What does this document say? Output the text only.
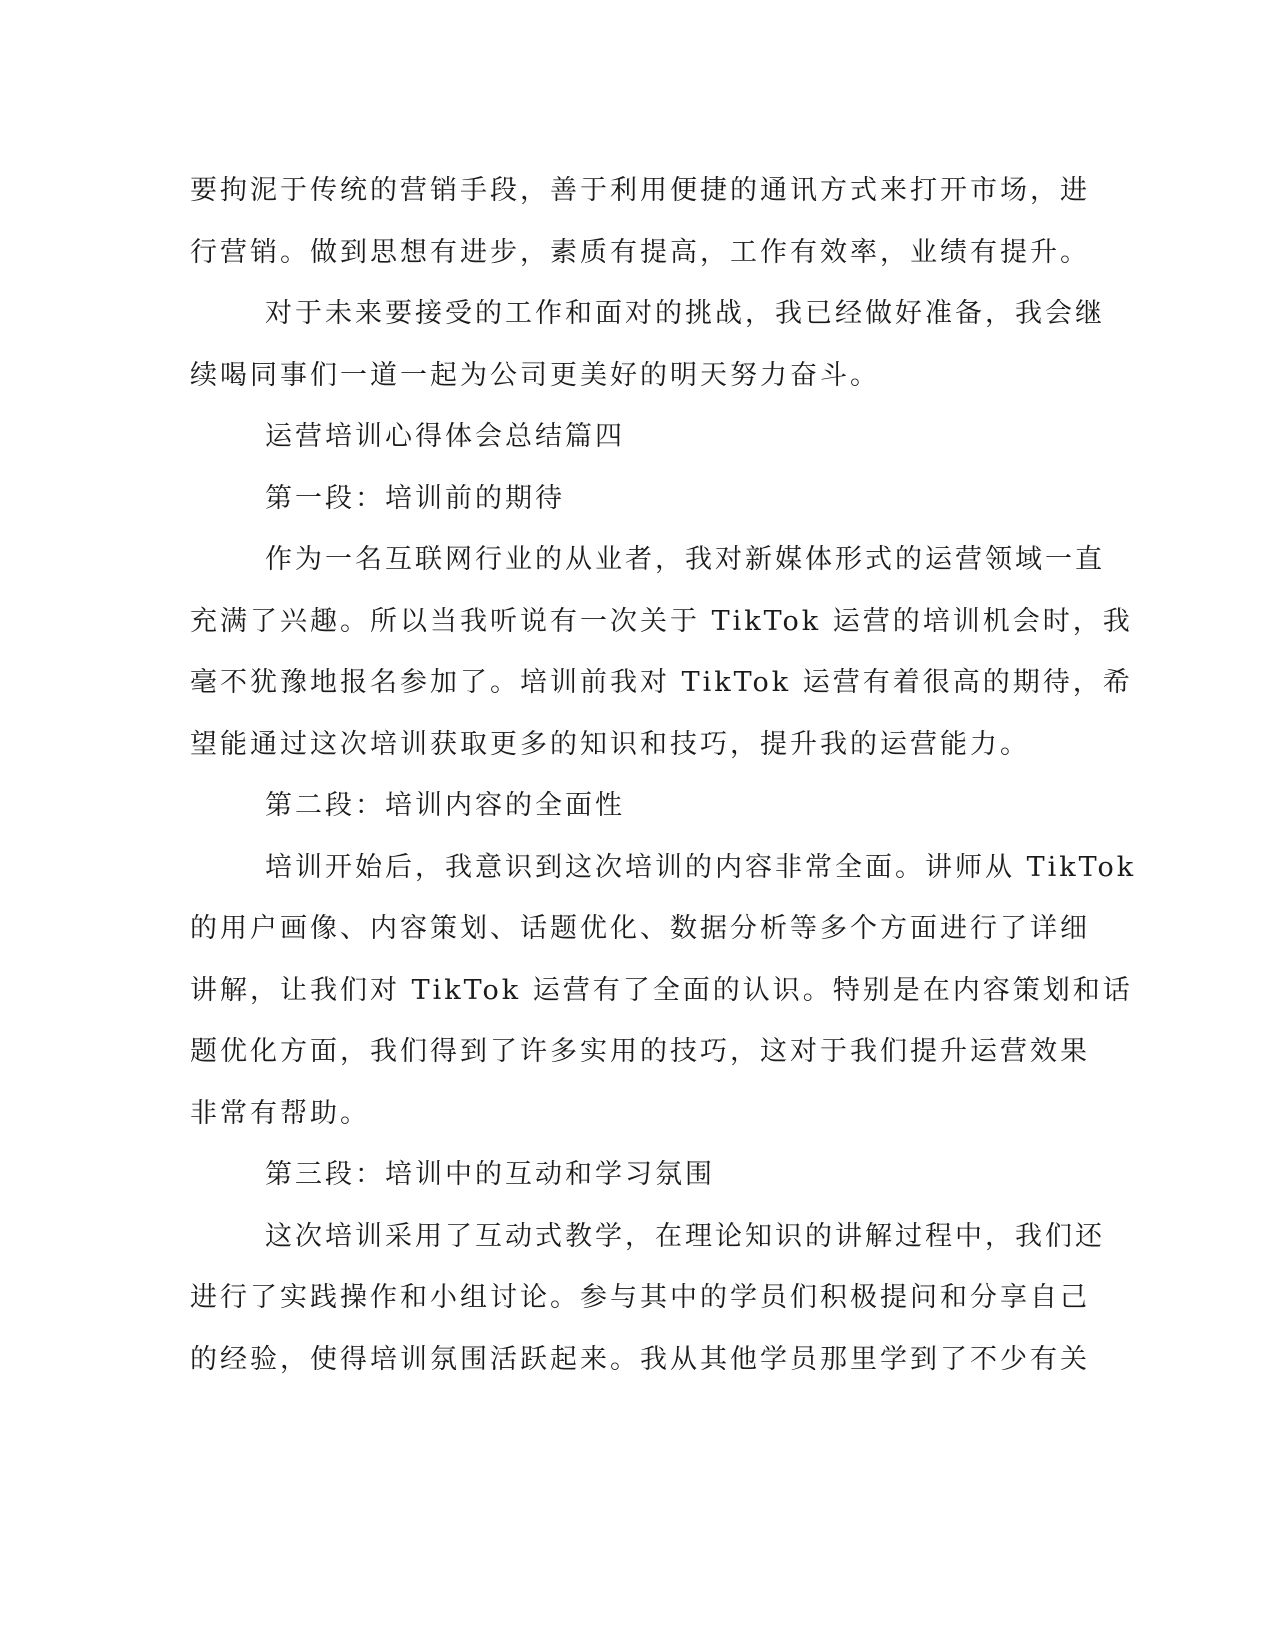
要拘泥于传统的营销手段，善于利用便捷的通讯方式来打开市场，进
行营销。做到思想有进步，素质有提高，工作有效率，业绩有提升。
对于未来要接受的工作和面对的挑战，我已经做好准备，我会继
续喝同事们一道一起为公司更美好的明天努力奋斗。
运营培训心得体会总结篇四
第一段：培训前的期待
作为一名互联网行业的从业者，我对新媒体形式的运营领域一直
充满了兴趣。所以当我听说有一次关于 TikTok 运营的培训机会时，我
毫不犹豫地报名参加了。培训前我对 TikTok 运营有着很高的期待，希
望能通过这次培训获取更多的知识和技巧，提升我的运营能力。
第二段：培训内容的全面性
培训开始后，我意识到这次培训的内容非常全面。讲师从 TikTok
的用户画像、内容策划、话题优化、数据分析等多个方面进行了详细
讲解，让我们对 TikTok 运营有了全面的认识。特别是在内容策划和话
题优化方面，我们得到了许多实用的技巧，这对于我们提升运营效果
非常有帮助。
第三段：培训中的互动和学习氛围
这次培训采用了互动式教学，在理论知识的讲解过程中，我们还
进行了实践操作和小组讨论。参与其中的学员们积极提问和分享自己
的经验，使得培训氛围活跃起来。我从其他学员那里学到了不少有关
